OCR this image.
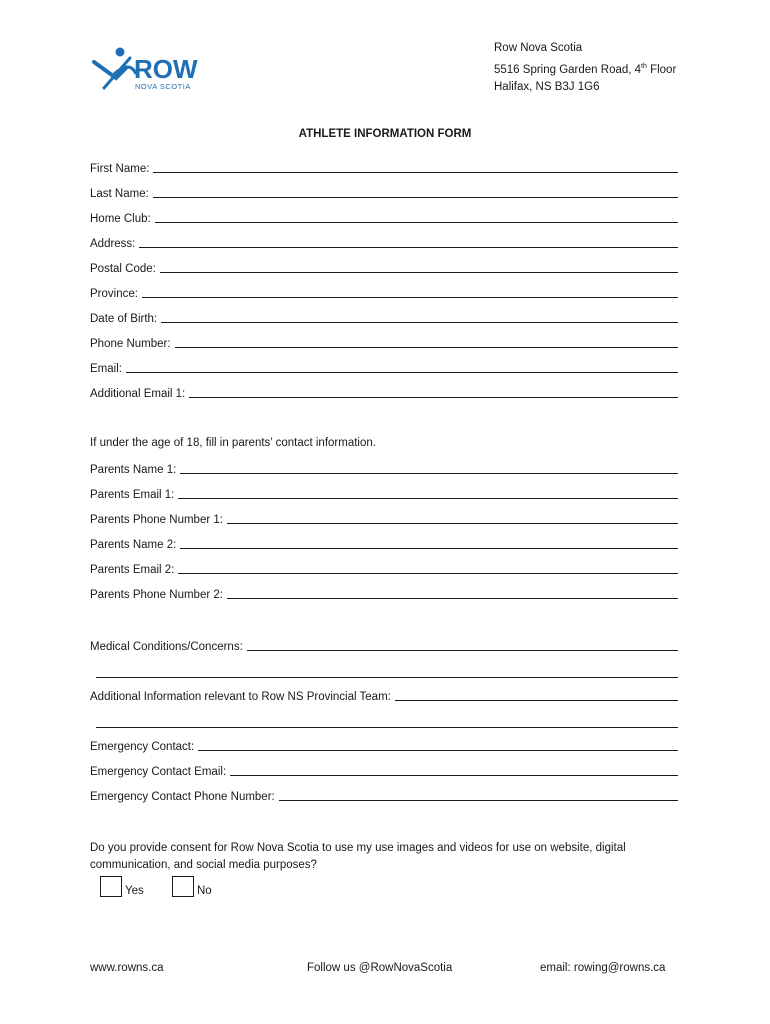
ROW
NOVA SCOTIA
Row Nova Scotia
5516 Spring Garden Road, 4th Floor
Halifax, NS B3J 1G6
ATHLETE INFORMATION FORM
First Name:
Last Name:
Home Club:
Address:
Postal Code:
Province:
Date of Birth:
Phone Number:
Email:
Additional Email 1:
If under the age of 18, fill in parents’ contact information.
Parents Name 1:
Parents Email 1:
Parents Phone Number 1:
Parents Name 2:
Parents Email 2:
Parents Phone Number 2:
Medical Conditions/Concerns:
Additional Information relevant to Row NS Provincial Team:
Emergency Contact:
Emergency Contact Email:
Emergency Contact Phone Number:
Do you provide consent for Row Nova Scotia to use my use images and videos for use on website, digital communication, and social media purposes?
Yes	No
www.rowns.ca	Follow us @RowNovaScotia	email: rowing@rowns.ca
